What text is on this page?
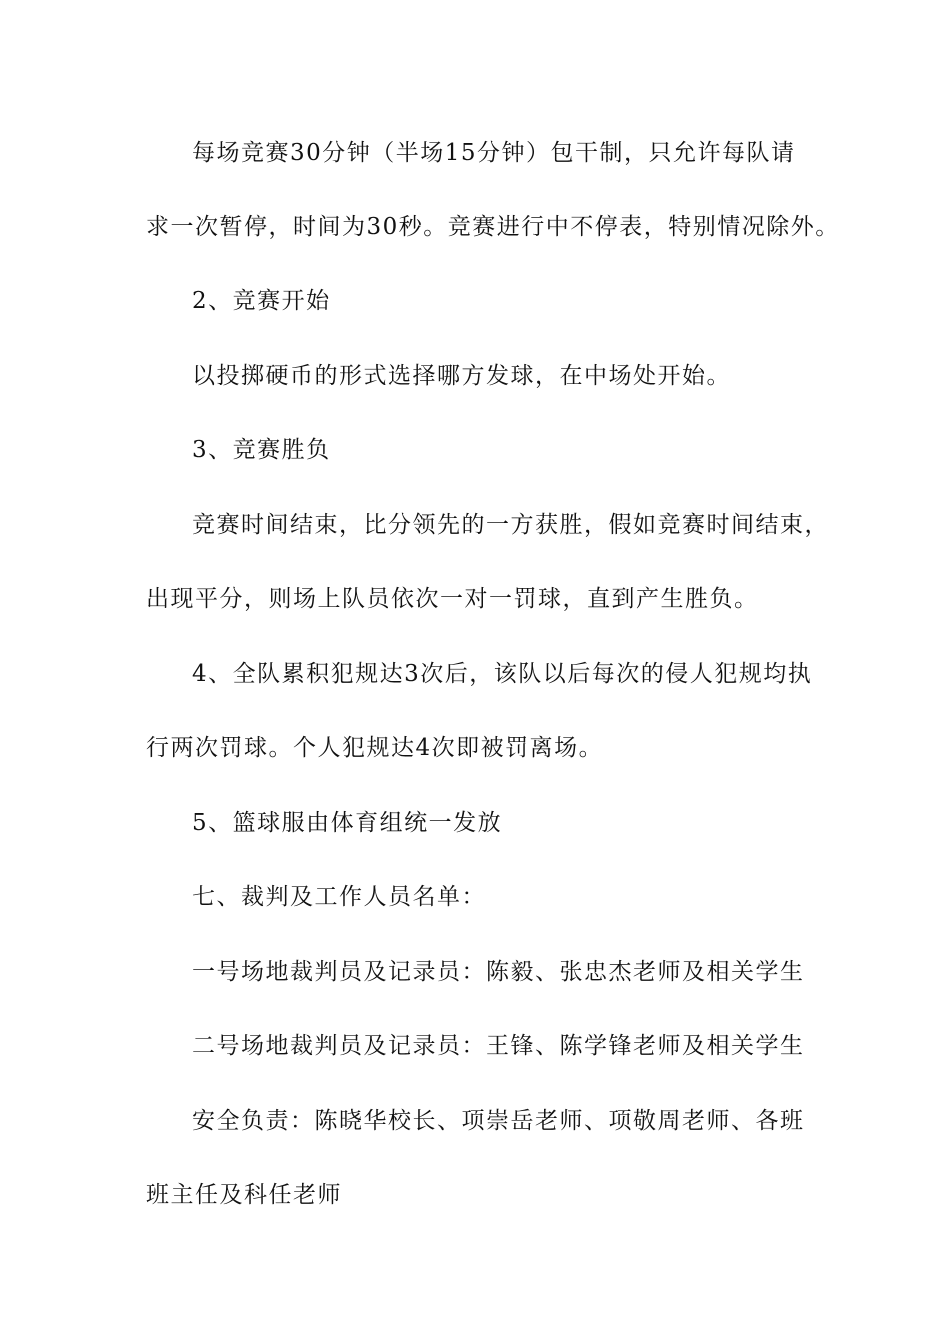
每场竞赛30分钟（半场15分钟）包干制，只允许每队请
求一次暂停，时间为30秒。竞赛进行中不停表，特别情况除外。
2、竞赛开始
以投掷硬币的形式选择哪方发球，在中场处开始。
3、竞赛胜负
竞赛时间结束，比分领先的一方获胜，假如竞赛时间结束，
出现平分，则场上队员依次一对一罚球，直到产生胜负。
4、全队累积犯规达3次后，该队以后每次的侵人犯规均执
行两次罚球。个人犯规达4次即被罚离场。
5、篮球服由体育组统一发放
七、裁判及工作人员名单：
一号场地裁判员及记录员：陈毅、张忠杰老师及相关学生
二号场地裁判员及记录员：王锋、陈学锋老师及相关学生
安全负责：陈晓华校长、项崇岳老师、项敬周老师、各班
班主任及科任老师
